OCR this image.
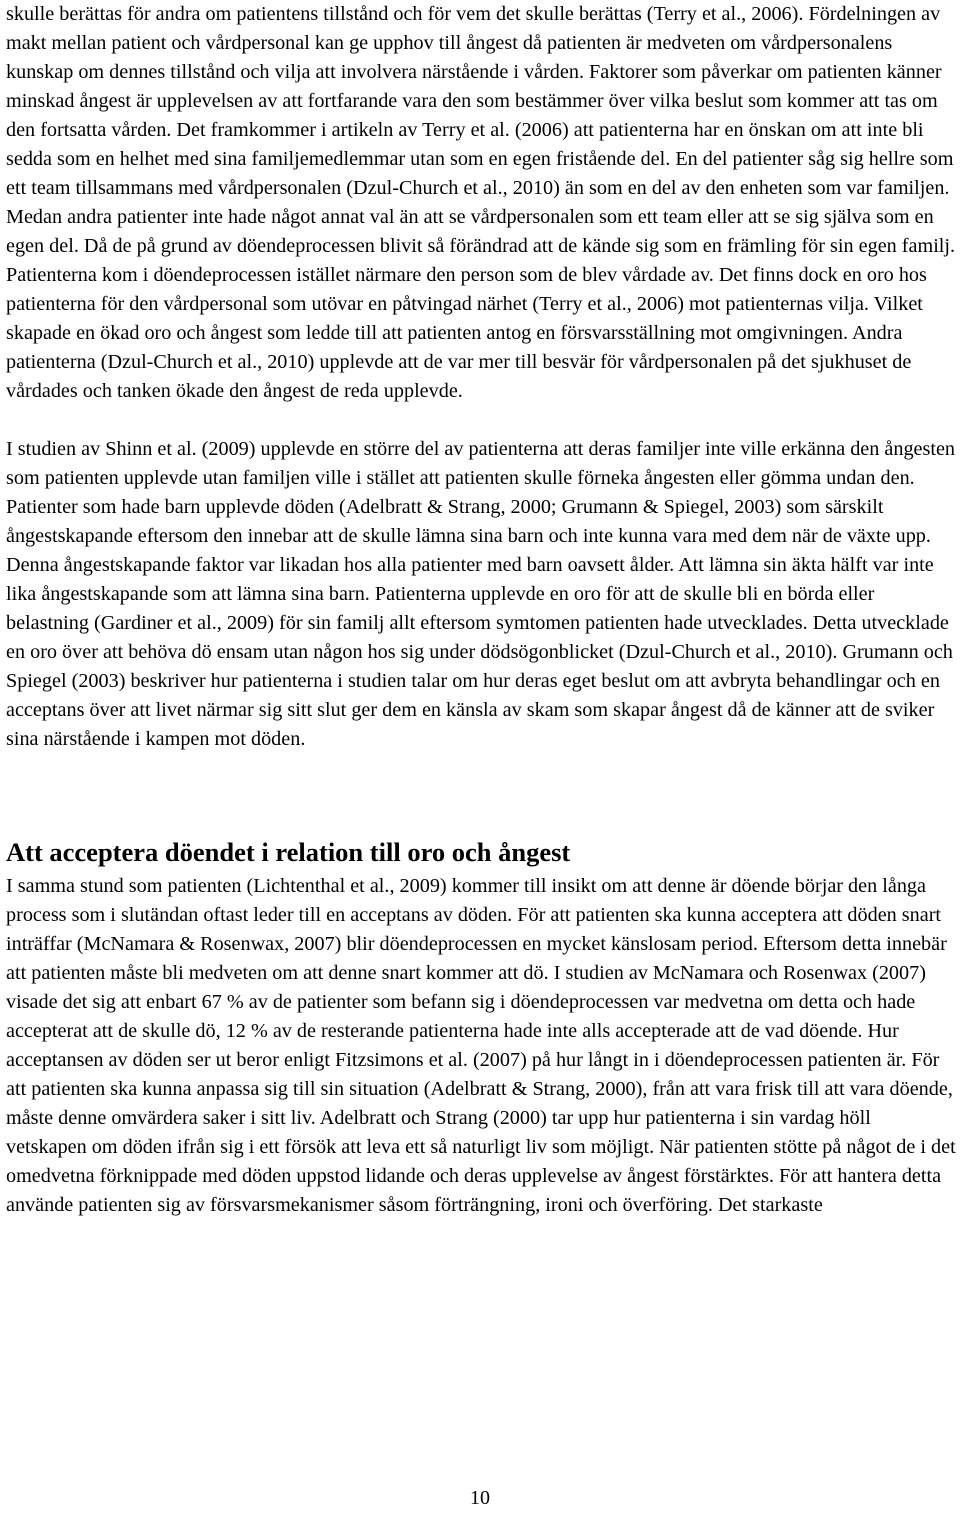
skulle berättas för andra om patientens tillstånd och för vem det skulle berättas (Terry et al., 2006). Fördelningen av makt mellan patient och vårdpersonal kan ge upphov till ångest då patienten är medveten om vårdpersonalens kunskap om dennes tillstånd och vilja att involvera närstående i vården. Faktorer som påverkar om patienten känner minskad ångest är upplevelsen av att fortfarande vara den som bestämmer över vilka beslut som kommer att tas om den fortsatta vården. Det framkommer i artikeln av Terry et al. (2006) att patienterna har en önskan om att inte bli sedda som en helhet med sina familjemedlemmar utan som en egen fristående del. En del patienter såg sig hellre som ett team tillsammans med vårdpersonalen (Dzul-Church et al., 2010) än som en del av den enheten som var familjen. Medan andra patienter inte hade något annat val än att se vårdpersonalen som ett team eller att se sig själva som en egen del. Då de på grund av döendeprocessen blivit så förändrad att de kände sig som en främling för sin egen familj. Patienterna kom i döendeprocessen istället närmare den person som de blev vårdade av. Det finns dock en oro hos patienterna för den vårdpersonal som utövar en påtvingad närhet (Terry et al., 2006) mot patienternas vilja. Vilket skapade en ökad oro och ångest som ledde till att patienten antog en försvarsställning mot omgivningen. Andra patienterna (Dzul-Church et al., 2010) upplevde att de var mer till besvär för vårdpersonalen på det sjukhuset de vårdades och tanken ökade den ångest de reda upplevde.

I studien av Shinn et al. (2009) upplevde en större del av patienterna att deras familjer inte ville erkänna den ångesten som patienten upplevde utan familjen ville i stället att patienten skulle förneka ångesten eller gömma undan den. Patienter som hade barn upplevde döden (Adelbratt & Strang, 2000; Grumann & Spiegel, 2003) som särskilt ångestskapande eftersom den innebar att de skulle lämna sina barn och inte kunna vara med dem när de växte upp. Denna ångestskapande faktor var likadan hos alla patienter med barn oavsett ålder. Att lämna sin äkta hälft var inte lika ångestskapande som att lämna sina barn. Patienterna upplevde en oro för att de skulle bli en börda eller belastning (Gardiner et al., 2009) för sin familj allt eftersom symtomen patienten hade utvecklades. Detta utvecklade en oro över att behöva dö ensam utan någon hos sig under dödsögonblicket (Dzul-Church et al., 2010). Grumann och Spiegel (2003) beskriver hur patienterna i studien talar om hur deras eget beslut om att avbryta behandlingar och en acceptans över att livet närmar sig sitt slut ger dem en känsla av skam som skapar ångest då de känner att de sviker sina närstående i kampen mot döden.

Att acceptera döendet i relation till oro och ångest

I samma stund som patienten (Lichtenthal et al., 2009) kommer till insikt om att denne är döende börjar den långa process som i slutändan oftast leder till en acceptans av döden. För att patienten ska kunna acceptera att döden snart inträffar (McNamara & Rosenwax, 2007) blir döendeprocessen en mycket känslosam period. Eftersom detta innebär att patienten måste bli medveten om att denne snart kommer att dö. I studien av McNamara och Rosenwax (2007) visade det sig att enbart 67 % av de patienter som befann sig i döendeprocessen var medvetna om detta och hade accepterat att de skulle dö, 12 % av de resterande patienterna hade inte alls accepterade att de vad döende. Hur acceptansen av döden ser ut beror enligt Fitzsimons et al. (2007) på hur långt in i döendeprocessen patienten är. För att patienten ska kunna anpassa sig till sin situation (Adelbratt & Strang, 2000), från att vara frisk till att vara döende, måste denne omvärdera saker i sitt liv. Adelbratt och Strang (2000) tar upp hur patienterna i sin vardag höll vetskapen om döden ifrån sig i ett försök att leva ett så naturligt liv som möjligt. När patienten stötte på något de i det omedvetna förknippade med döden uppstod lidande och deras upplevelse av ångest förstärktes. För att hantera detta använde patienten sig av försvarsmekanismer såsom förträngning, ironi och överföring. Det starkaste

10
